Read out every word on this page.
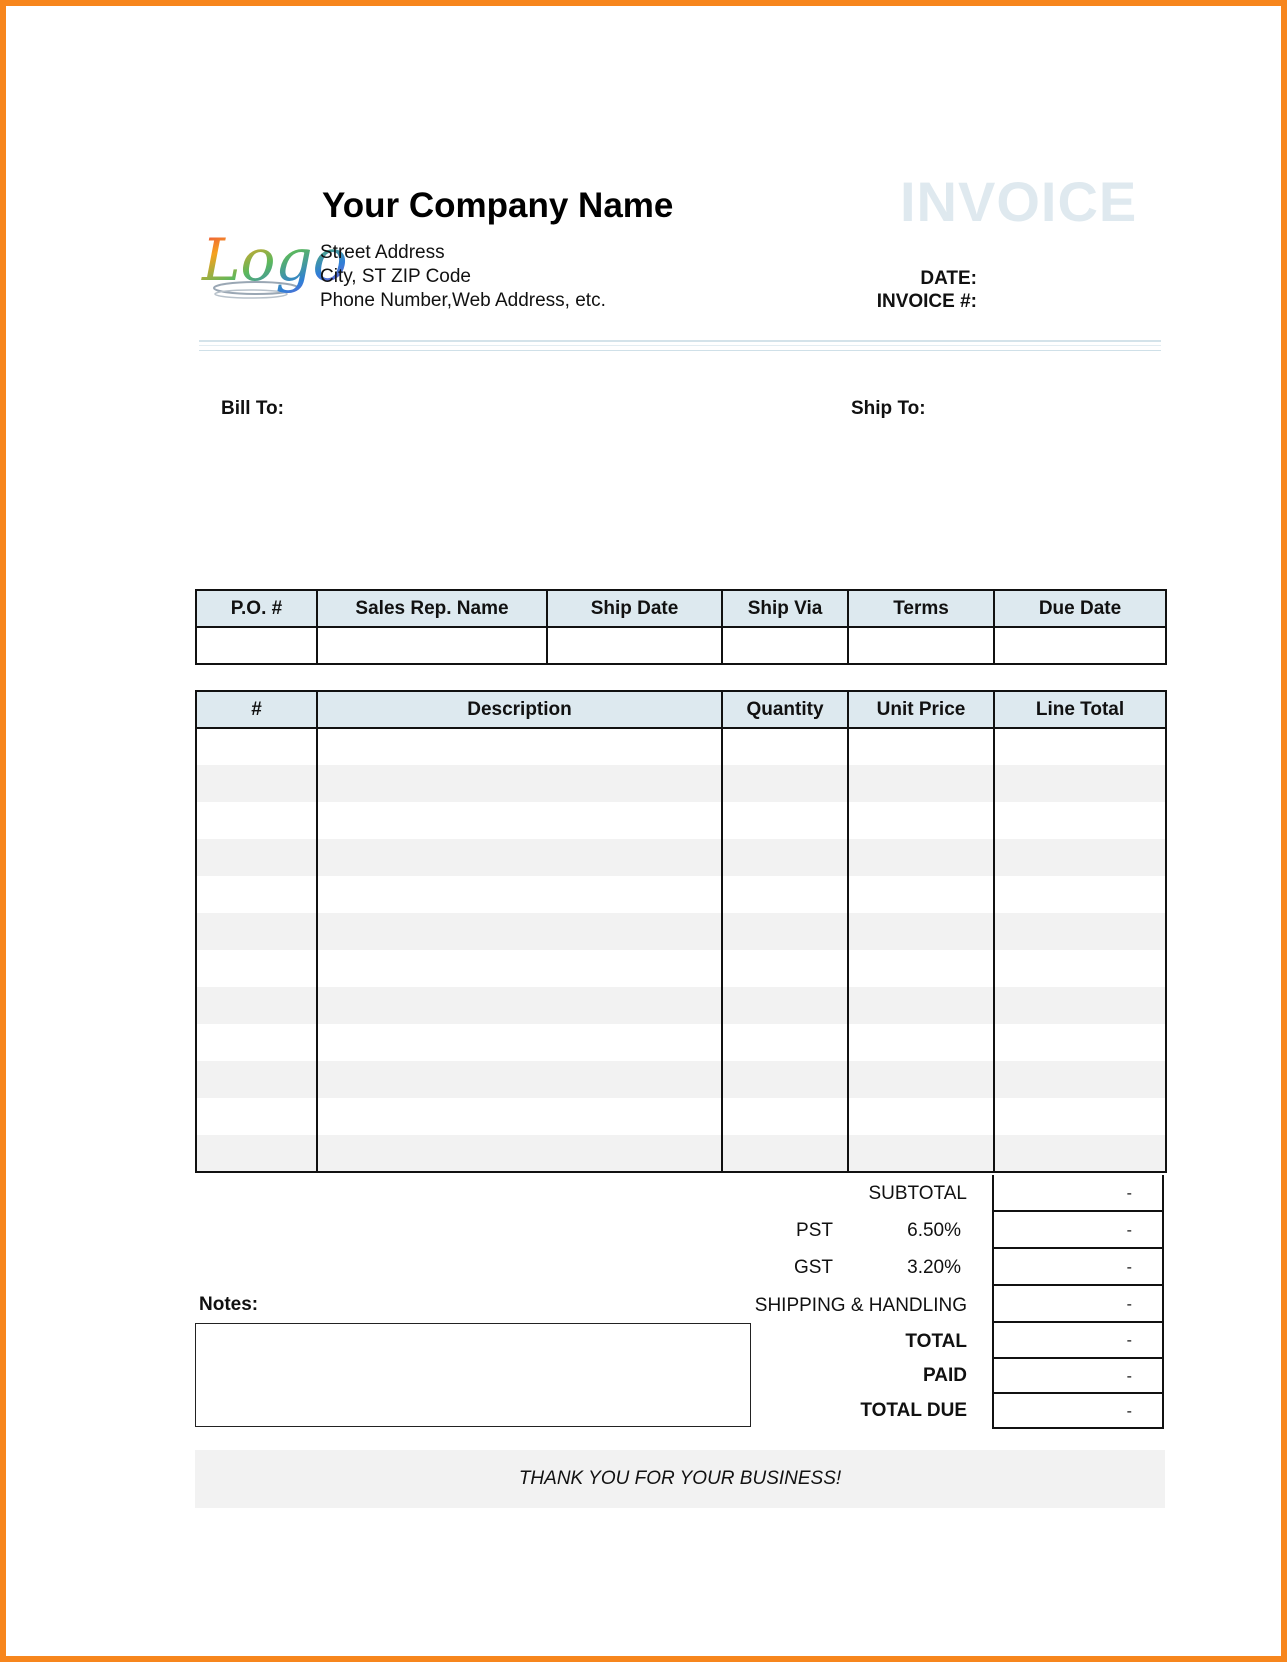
Logo
Your Company Name
Street Address
City, ST ZIP Code
Phone Number,Web Address, etc.
INVOICE
DATE:
INVOICE #:
Bill To:	Ship To:
P.O. #	Sales Rep. Name	Ship Date	Ship Via	Terms	Due Date

#	Description	Quantity	Unit Price	Line Total

SUBTOTAL	-
PST	6.50%	-
GST	3.20%	-
SHIPPING & HANDLING	-
TOTAL	-
PAID	-
TOTAL DUE	-
Notes:
THANK YOU FOR YOUR BUSINESS!
